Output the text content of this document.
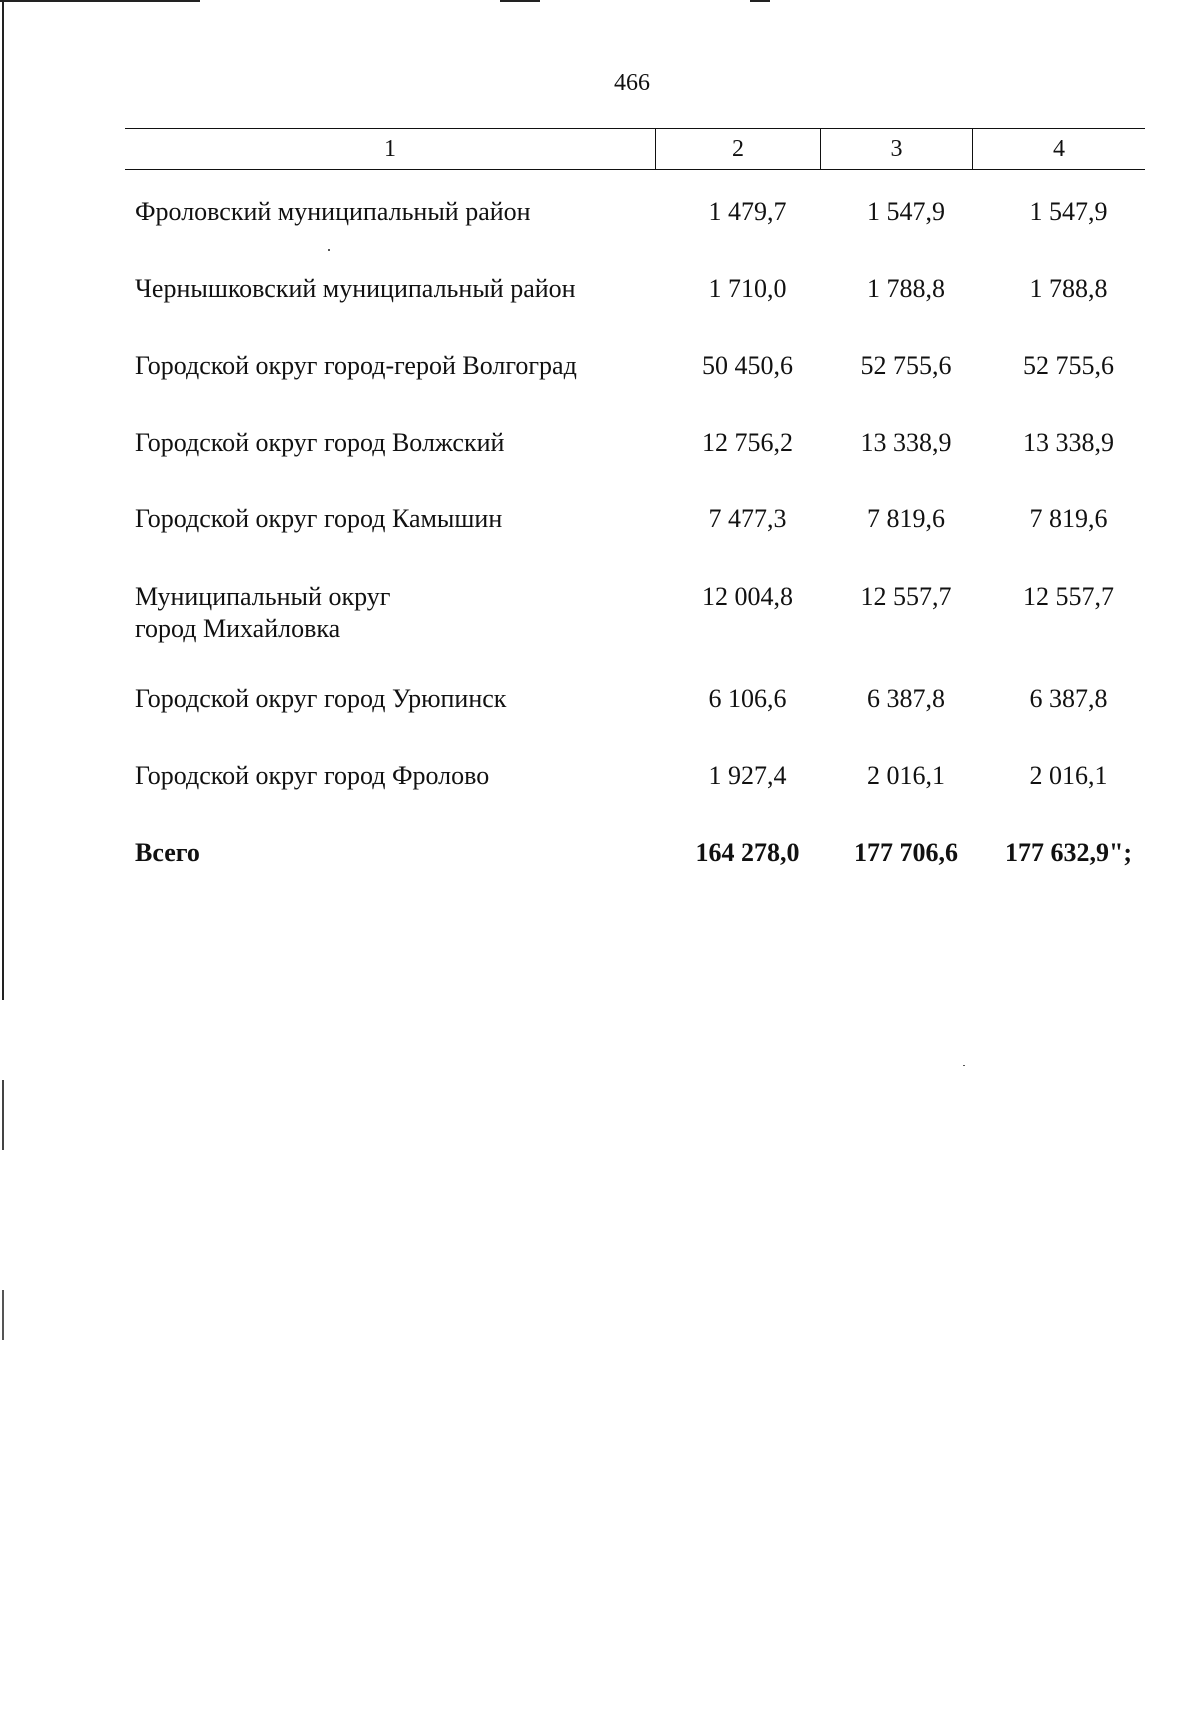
466
1	2	3	4
Фроловский муниципальный район	1 479,7	1 547,9	1 547,9
Чернышковский муниципальный район	1 710,0	1 788,8	1 788,8
Городской округ город-герой Волгоград	50 450,6	52 755,6	52 755,6
Городской округ город Волжский	12 756,2	13 338,9	13 338,9
Городской округ город Камышин	7 477,3	7 819,6	7 819,6
Муниципальный округ
город Михайловка
12 004,8	12 557,7	12 557,7
Городской округ город Урюпинск	6 106,6	6 387,8	6 387,8
Городской округ город Фролово	1 927,4	2 016,1	2 016,1
Всего	164 278,0	177 706,6	177 632,9";
